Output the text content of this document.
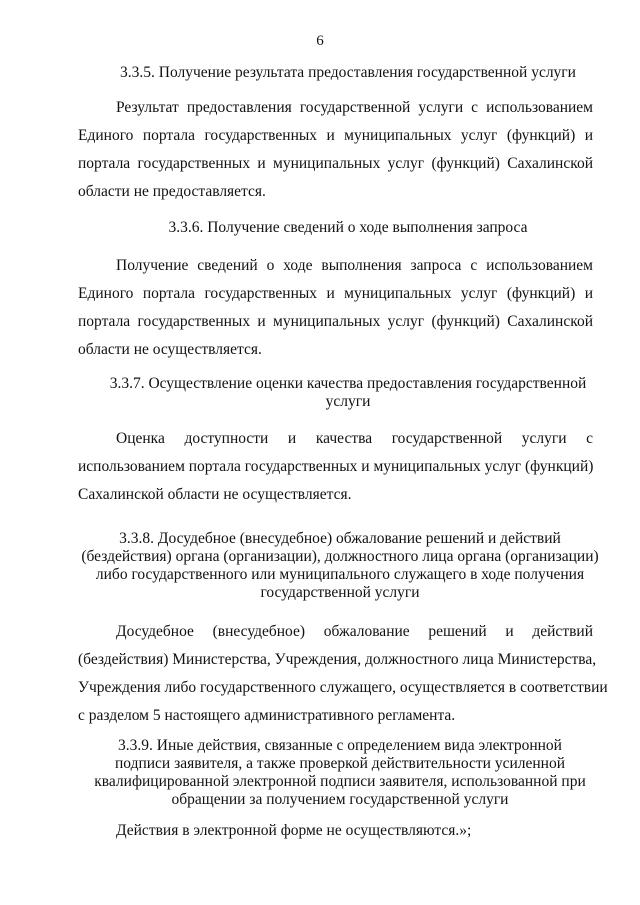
6
3.3.5. Получение результата предоставления государственной услуги
Результат предоставления государственной услуги с использованием
Единого портала государственных и муниципальных услуг (функций) и
портала государственных и муниципальных услуг (функций) Сахалинской
области не предоставляется.
3.3.6. Получение сведений о ходе выполнения запроса
Получение сведений о ходе выполнения запроса с использованием
Единого портала государственных и муниципальных услуг (функций) и
портала государственных и муниципальных услуг (функций) Сахалинской
области не осуществляется.
3.3.7. Осуществление оценки качества предоставления государственной
услуги
Оценка доступности и качества государственной услуги с
использованием портала государственных и муниципальных услуг (функций)
Сахалинской области не осуществляется.
3.3.8. Досудебное (внесудебное) обжалование решений и действий
(бездействия) органа (организации), должностного лица органа (организации)
либо государственного или муниципального служащего в ходе получения
государственной услуги
Досудебное (внесудебное) обжалование решений и действий
(бездействия) Министерства, Учреждения, должностного лица Министерства,
Учреждения либо государственного служащего, осуществляется в соответствии
с разделом 5 настоящего административного регламента.
3.3.9. Иные действия, связанные с определением вида электронной
подписи заявителя, а также проверкой действительности усиленной
квалифицированной электронной подписи заявителя, использованной при
обращении за получением государственной услуги
Действия в электронной форме не осуществляются.»;
